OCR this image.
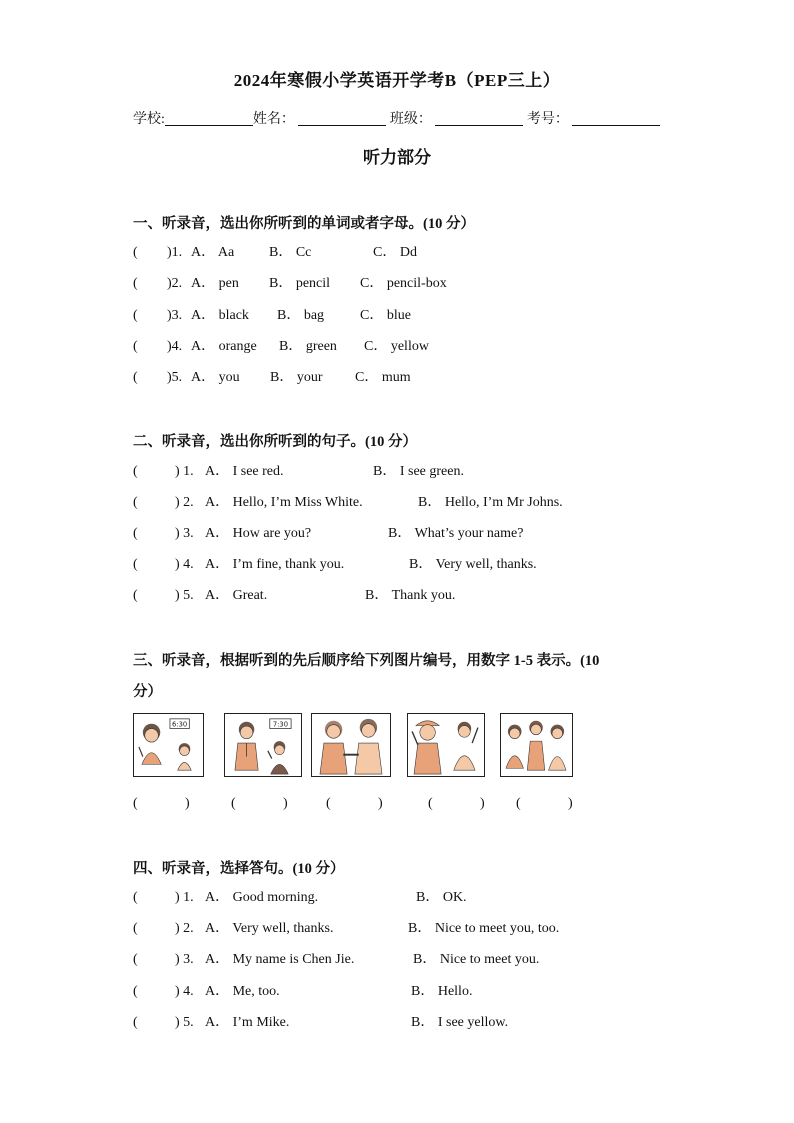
2024年寒假小学英语开学考B（PEP三上）
学校:	姓名：	班级：	考号：
听力部分
一、听录音，选出你所听到的单词或者字母。(10 分）
( )1. A． Aa B． Cc	C． Dd
( )2. A． pen B． pencil C． pencil-box
( )3. A． black B． bag	C． blue
( )4. A． orange B． green C． yellow
( )5. A． you B． your C． mum
二、听录音，选出你所听到的句子。(10 分）
(	) 1. A． I see red.	B． I see green.
(	) 2. A． Hello, I’m Miss White.	B． Hello, I’m Mr Johns.
(	) 3. A． How are you?	B． What’s your name?
(	) 4. A． I’m fine, thank you.	B． Very well, thanks.
(	) 5. A． Great.	B． Thank you.
三、听录音，根据听到的先后顺序给下列图片编号，用数字 1-5 表示。(10
分）
6:30	7:30
(	)	(	)	(	)	(	) (	)
四、听录音，选择答句。(10 分）
(	) 1. A． Good morning.	B． OK.
(	) 2. A． Very well, thanks.	B． Nice to meet you, too.
(	) 3. A． My name is Chen Jie.	B． Nice to meet you.
(	) 4. A． Me, too.	B． Hello.
(	) 5. A． I’m Mike.	B． I see yellow.
